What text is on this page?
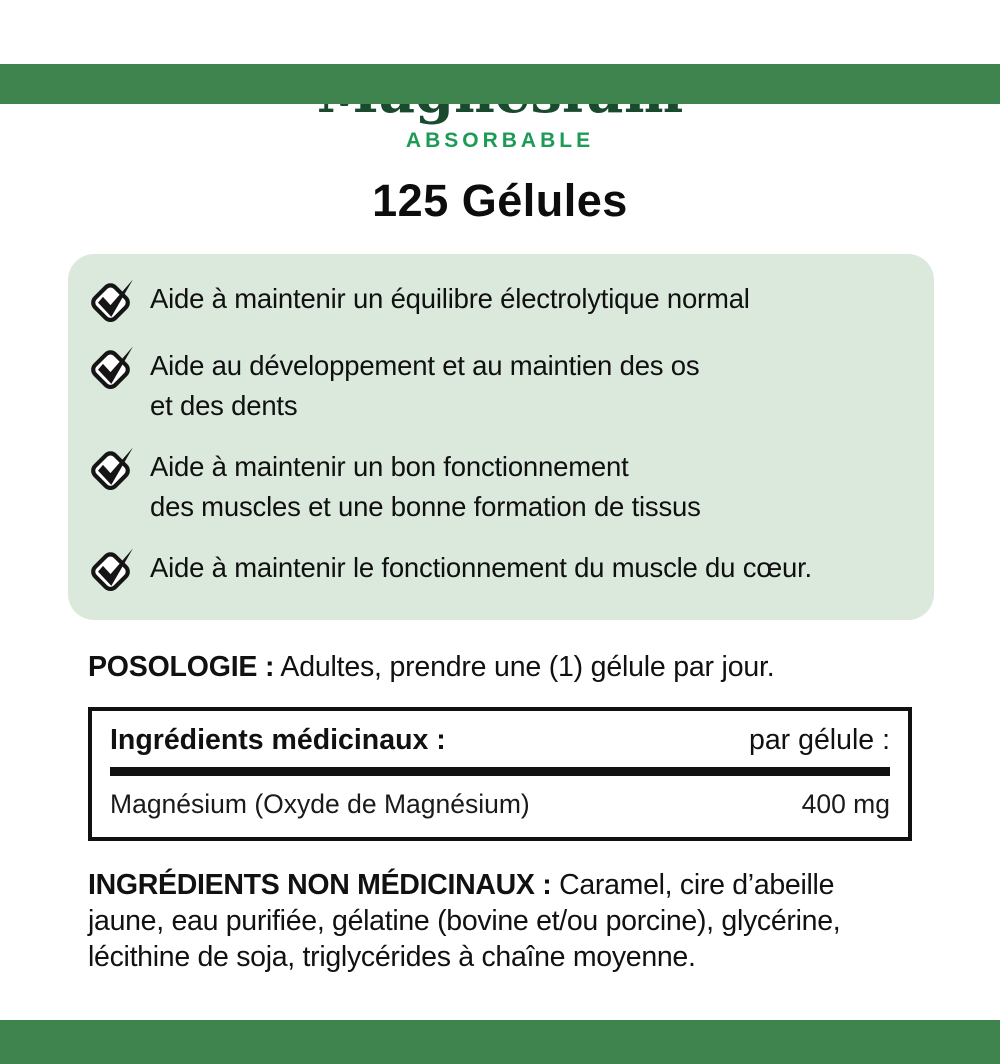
ABSORBABLE
125 Gélules
Aide à maintenir un équilibre électrolytique normal
Aide au développement et au maintien des os
et des dents
Aide à maintenir un bon fonctionnement
des muscles et une bonne formation de tissus
Aide à maintenir le fonctionnement du muscle du cœur.
POSOLOGIE : Adultes, prendre une (1) gélule par jour.
Ingrédients médicinaux :	par gélule :
Magnésium (Oxyde de Magnésium)	400 mg
INGRÉDIENTS NON MÉDICINAUX : Caramel, cire d’abeille jaune, eau purifiée, gélatine (bovine et/ou porcine), glycérine, lécithine de soja, triglycérides à chaîne moyenne.
